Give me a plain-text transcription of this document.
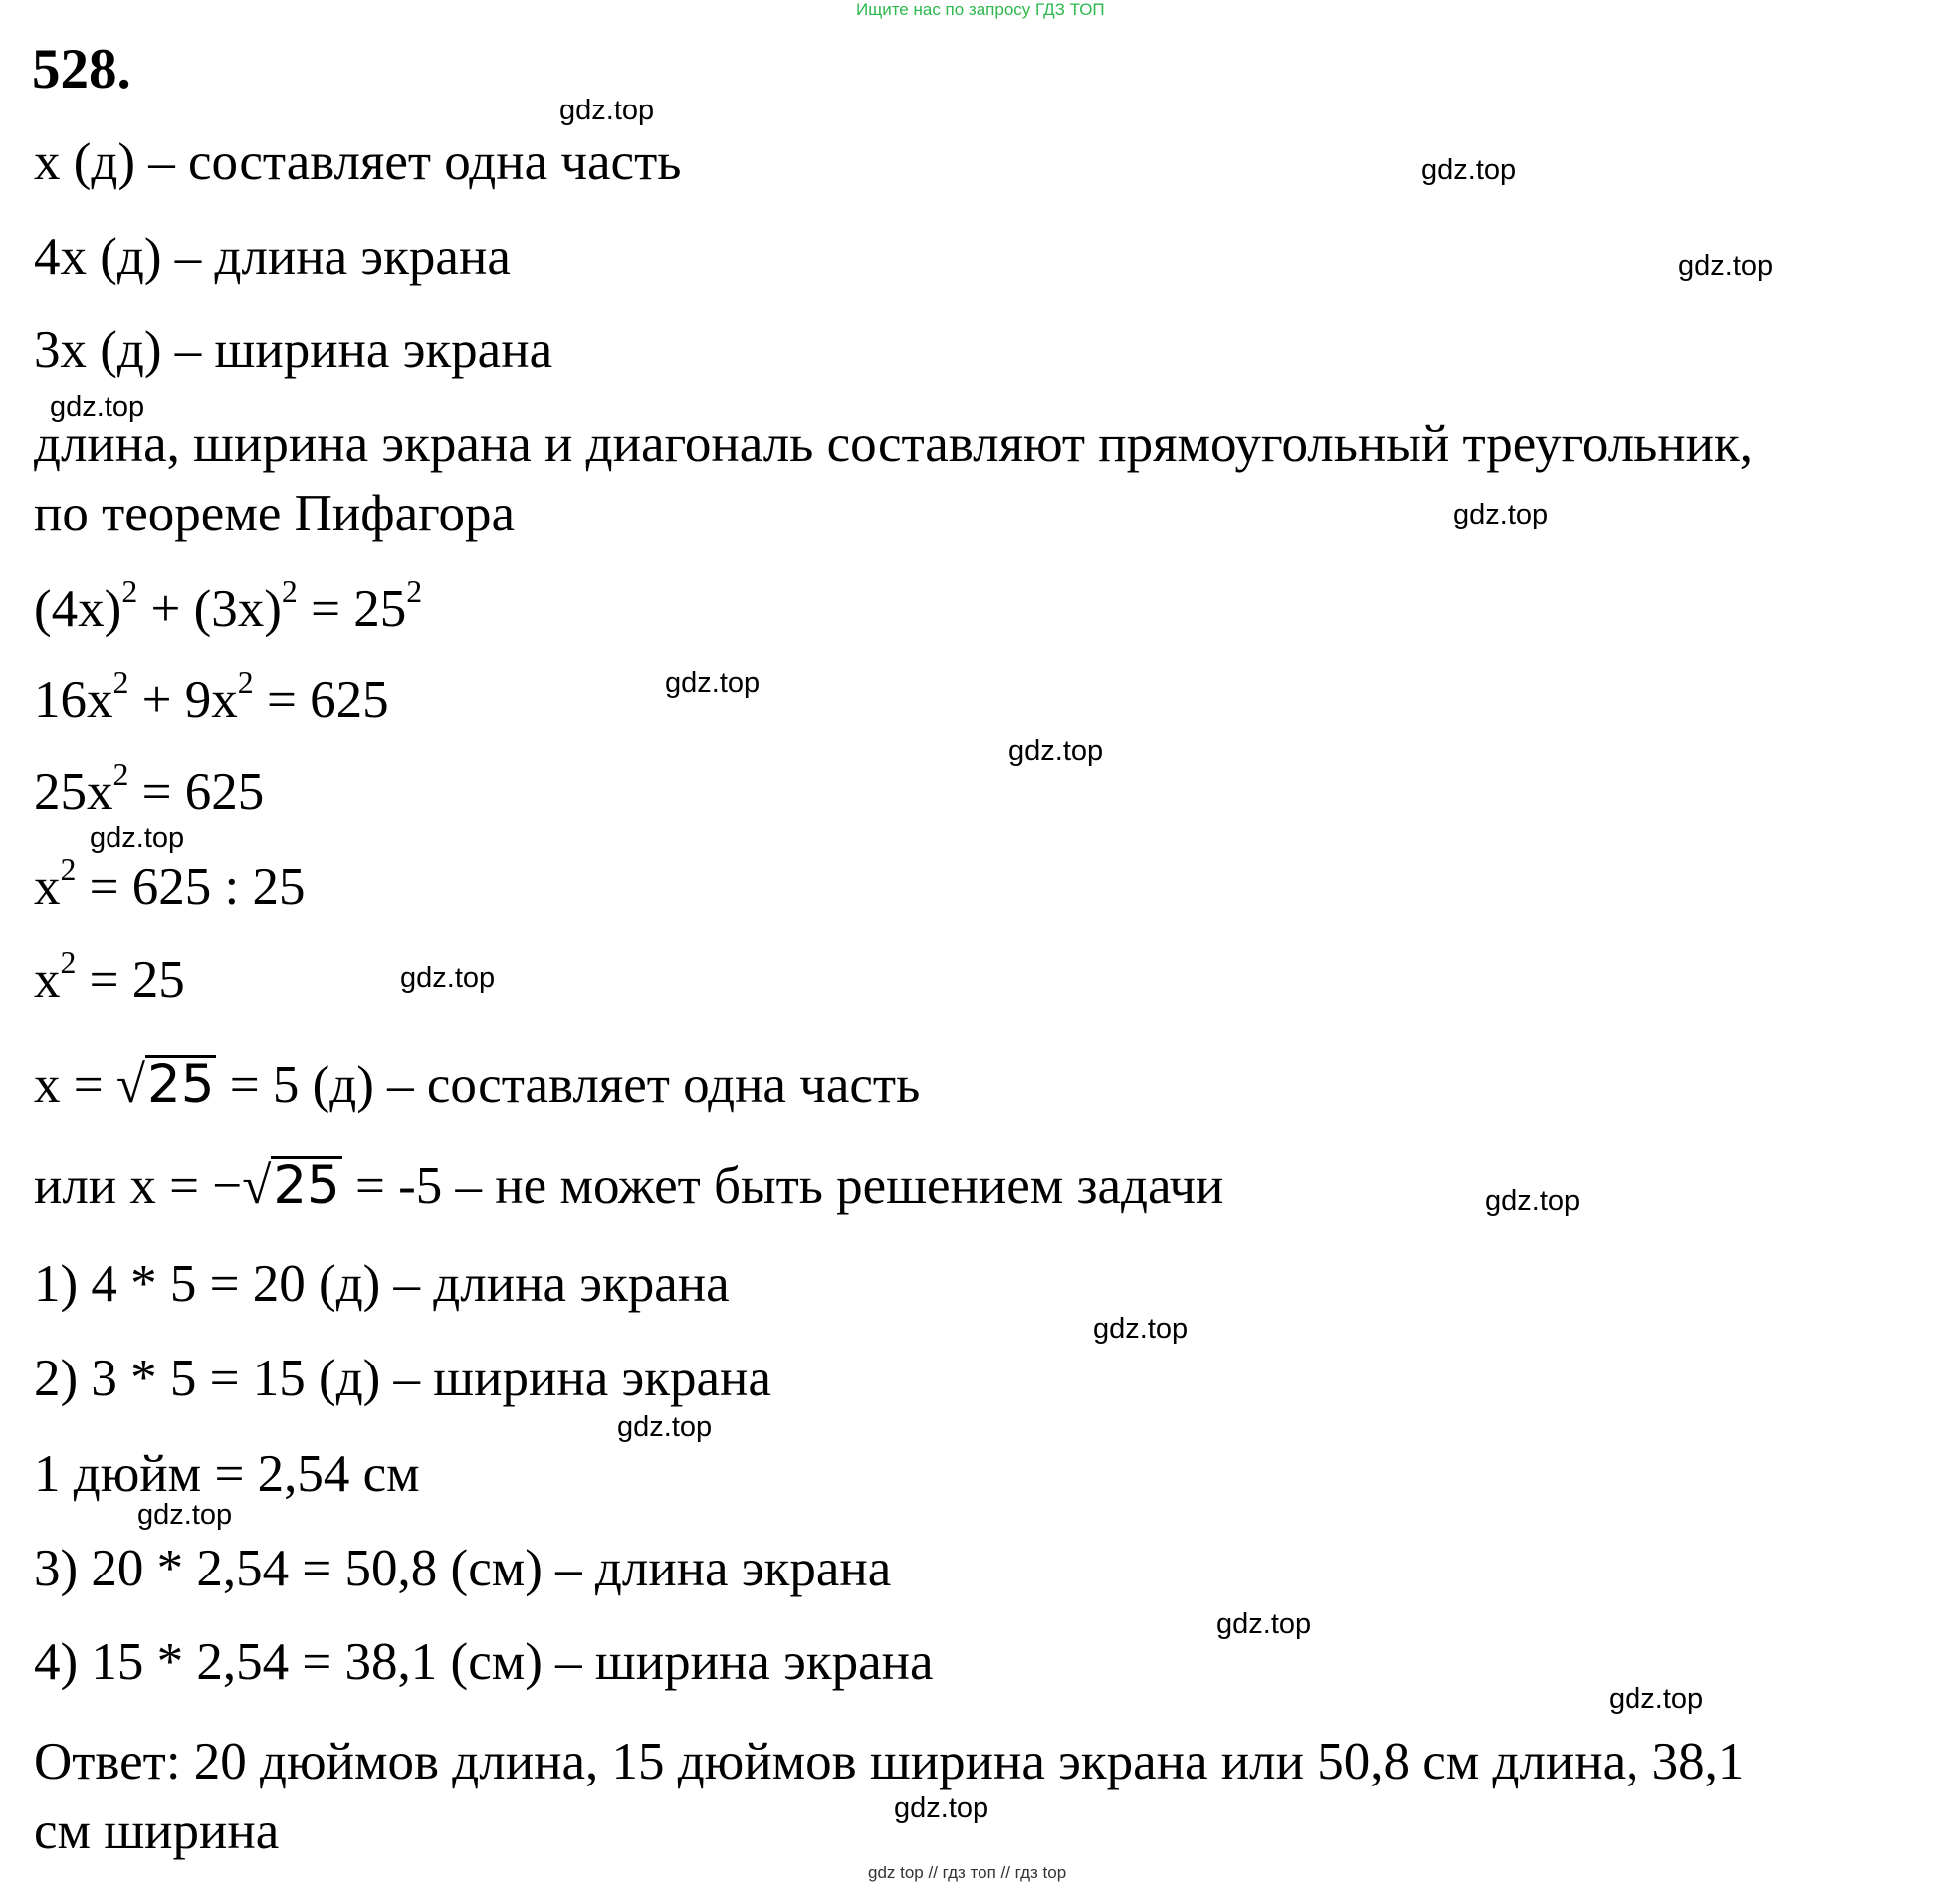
Ищите нас по запросу ГДЗ ТОП
gdz top // гдз топ // гдз top
528.
x (д) – составляет одна часть
4x (д) – длина экрана
3x (д) – ширина экрана
длина, ширина экрана и диагональ составляют прямоугольный треугольник,
по теореме Пифагора
$(4x)^2 + (3x)^2 = 25^2$
$16x^2 + 9x^2 = 625$
$25x^2 = 625$
$x^2 = 625$ : 25
$x^2 = 25$
x = √25 = 5 (д) – составляет одна часть
или x = −√25 = -5 – не может быть решением задачи
1) 4 * 5 = 20 (д) – длина экрана
2) 3 * 5 = 15 (д) – ширина экрана
1 дюйм = 2,54 см
3) 20 * 2,54 = 50,8 (см) – длина экрана
4) 15 * 2,54 = 38,1 (см) – ширина экрана
Ответ: 20 дюймов длина, 15 дюймов ширина экрана или 50,8 см длина, 38,1
см ширина
gdz.top
gdz.top
gdz.top
gdz.top
gdz.top
gdz.top
gdz.top
gdz.top
gdz.top
gdz.top
gdz.top
gdz.top
gdz.top
gdz.top
gdz.top
gdz.top
